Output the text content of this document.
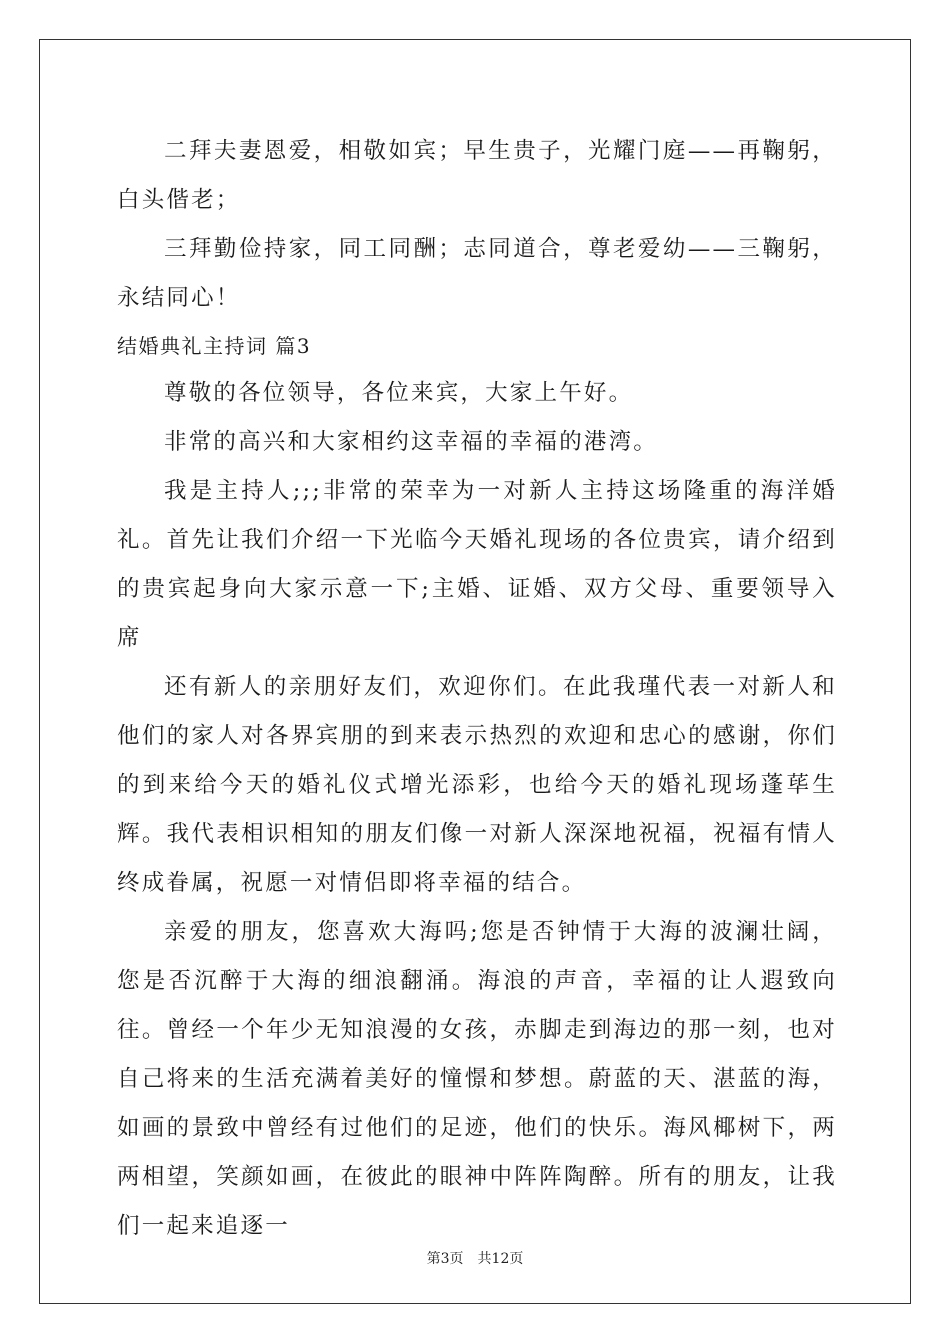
二拜夫妻恩爱，相敬如宾；早生贵子，光耀门庭——再鞠躬，白头偕老；

三拜勤俭持家，同工同酬；志同道合，尊老爱幼——三鞠躬，永结同心！

结婚典礼主持词 篇3

尊敬的各位领导，各位来宾，大家上午好。

非常的高兴和大家相约这幸福的幸福的港湾。

我是主持人;;;非常的荣幸为一对新人主持这场隆重的海洋婚礼。首先让我们介绍一下光临今天婚礼现场的各位贵宾，请介绍到的贵宾起身向大家示意一下;主婚、证婚、双方父母、重要领导入席

还有新人的亲朋好友们，欢迎你们。在此我瑾代表一对新人和他们的家人对各界宾朋的到来表示热烈的欢迎和忠心的感谢，你们的到来给今天的婚礼仪式增光添彩，也给今天的婚礼现场蓬荜生辉。我代表相识相知的朋友们像一对新人深深地祝福，祝福有情人终成眷属，祝愿一对情侣即将幸福的结合。

亲爱的朋友，您喜欢大海吗;您是否钟情于大海的波澜壮阔，您是否沉醉于大海的细浪翻涌。海浪的声音，幸福的让人遐致向往。曾经一个年少无知浪漫的女孩，赤脚走到海边的那一刻，也对自己将来的生活充满着美好的憧憬和梦想。蔚蓝的天、湛蓝的海，如画的景致中曾经有过他们的足迹，他们的快乐。海风椰树下，两两相望，笑颜如画，在彼此的眼神中阵阵陶醉。所有的朋友，让我们一起来追逐一

第3页 共12页
